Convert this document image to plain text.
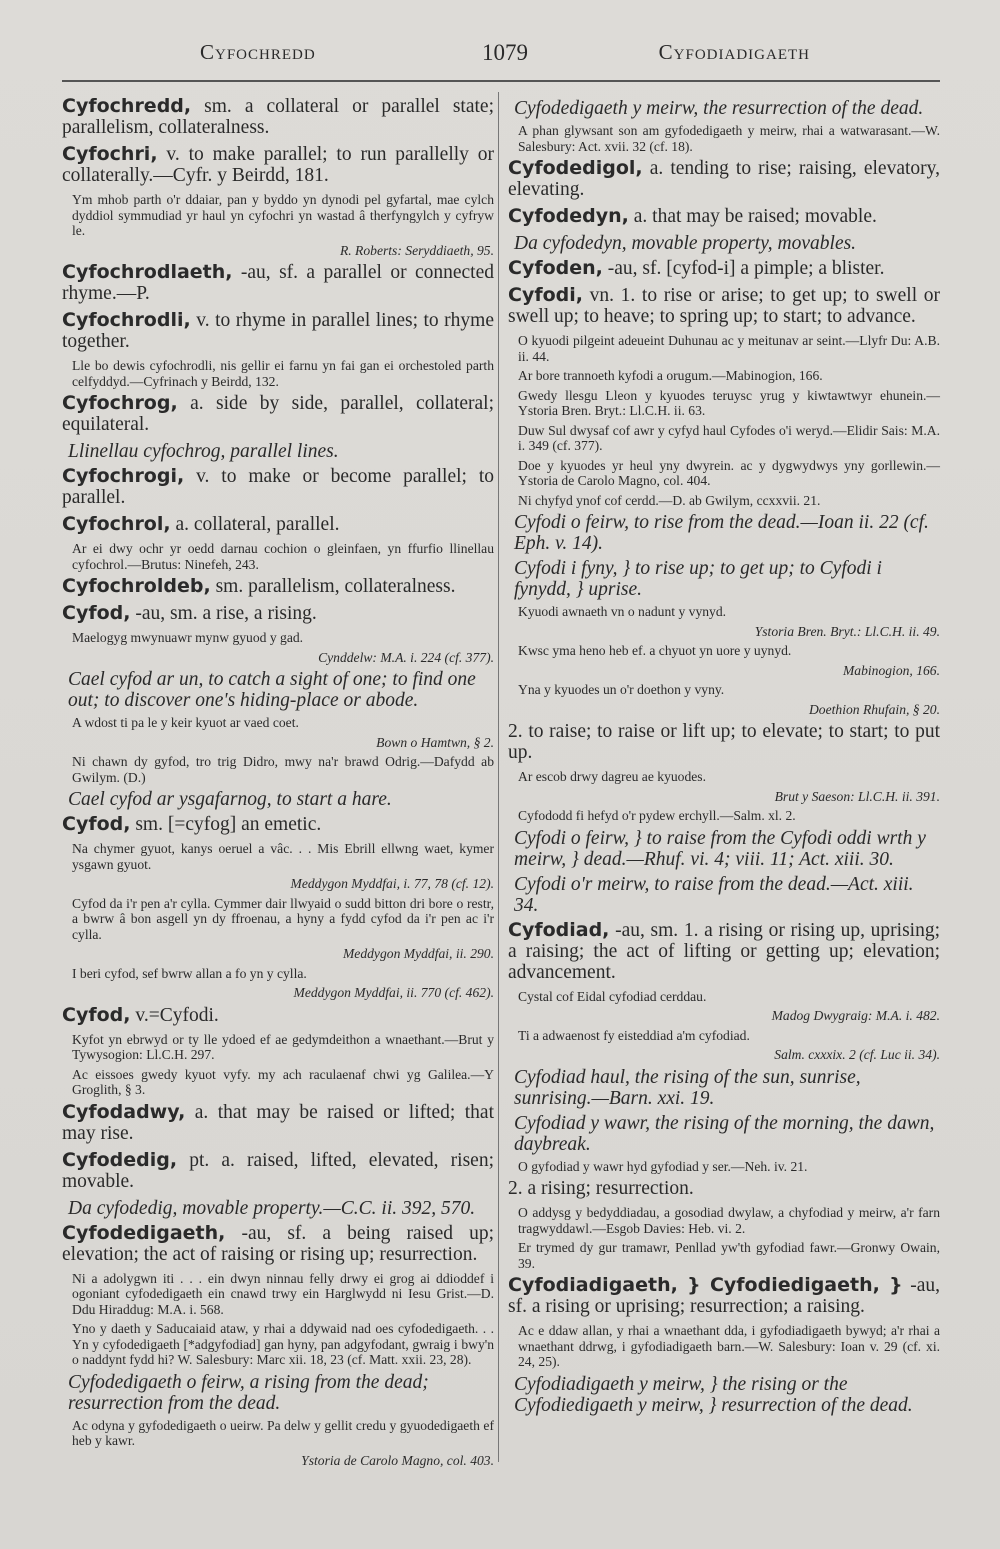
Cyfochredd	1079	Cyfodiadigaeth
Cyfochredd, sm. a collateral or parallel state; parallelism, collateralness.
Cyfochri, v. to make parallel; to run parallelly or collaterally.—Cyfr. y Beirdd, 181.
Ym mhob parth o'r ddaiar, pan y byddo yn dynodi pel gyfartal, mae cylch dyddiol symmudiad yr haul yn cyfochri yn wastad â therfyngylch y cyfryw le.
R. Roberts: Seryddiaeth, 95.
Cyfochrodlaeth, -au, sf. a parallel or connected rhyme.—P.
Cyfochrodli, v. to rhyme in parallel lines; to rhyme together.
Lle bo dewis cyfochrodli, nis gellir ei farnu yn fai gan ei orchestoled parth celfyddyd.—Cyfrinach y Beirdd, 132.
Cyfochrog, a. side by side, parallel, collateral; equilateral.
Llinellau cyfochrog, parallel lines.
Cyfochrogi, v. to make or become parallel; to parallel.
Cyfochrol, a. collateral, parallel.
Ar ei dwy ochr yr oedd darnau cochion o gleinfaen, yn ffurfio llinellau cyfochrol.—Brutus: Ninefeh, 243.
Cyfochroldeb, sm. parallelism, collateralness.
Cyfod, -au, sm. a rise, a rising.
Maelogyg mwynuawr mynw gyuod y gad.
Cynddelw: M.A. i. 224 (cf. 377).
Cael cyfod ar un, to catch a sight of one; to find one out; to discover one's hiding-place or abode.
A wdost ti pa le y keir kyuot ar vaed coet.
Bown o Hamtwn, § 2.
Ni chawn dy gyfod, tro trig Didro, mwy na'r brawd Odrig.—Dafydd ab Gwilym. (D.)
Cael cyfod ar ysgafarnog, to start a hare.
Cyfod, sm. [=cyfog] an emetic.
Na chymer gyuot, kanys oeruel a vâc. . . Mis Ebrill ellwng waet, kymer ysgawn gyuot.
Meddygon Myddfai, i. 77, 78 (cf. 12).
Cyfod da i'r pen a'r cylla. Cymmer dair llwyaid o sudd bitton dri bore o restr, a bwrw â bon asgell yn dy ffroenau, a hyny a fydd cyfod da i'r pen ac i'r cylla.
Meddygon Myddfai, ii. 290.
I beri cyfod, sef bwrw allan a fo yn y cylla.
Meddygon Myddfai, ii. 770 (cf. 462).
Cyfod, v.=Cyfodi.
Kyfot yn ebrwyd or ty lle ydoed ef ae gedymdeithon a wnaethant.—Brut y Tywysogion: Ll.C.H. 297.
Ac eissoes gwedy kyuot vyfy. my ach raculaenaf chwi yg Galilea.—Y Groglith, § 3.
Cyfodadwy, a. that may be raised or lifted; that may rise.
Cyfodedig, pt. a. raised, lifted, elevated, risen; movable.
Da cyfodedig, movable property.—C.C. ii. 392, 570.
Cyfodedigaeth, -au, sf. a being raised up; elevation; the act of raising or rising up; resurrection.
Ni a adolygwn iti . . . ein dwyn ninnau felly drwy ei grog ai ddioddef i ogoniant cyfodedigaeth ein cnawd trwy ein Harglwydd ni Iesu Grist.—D. Ddu Hiraddug: M.A. i. 568.
Yno y daeth y Saducaiaid ataw, y rhai a ddywaid nad oes cyfodedigaeth. . . Yn y cyfodedigaeth [*adgyfodiad] gan hyny, pan adgyfodant, gwraig i bwy'n o naddynt fydd hi? W. Salesbury: Marc xii. 18, 23 (cf. Matt. xxii. 23, 28).
Cyfodedigaeth o feirw, a rising from the dead; resurrection from the dead.
Ac odyna y gyfodedigaeth o ueirw. Pa delw y gellit credu y gyuodedigaeth ef heb y kawr.
Ystoria de Carolo Magno, col. 403.
Cyfodedigaeth y meirw, the resurrection of the dead.
A phan glywsant son am gyfodedigaeth y meirw, rhai a watwarasant.—W. Salesbury: Act. xvii. 32 (cf. 18).
Cyfodedigol, a. tending to rise; raising, elevatory, elevating.
Cyfodedyn, a. that may be raised; movable.
Da cyfodedyn, movable property, movables.
Cyfoden, -au, sf. [cyfod-i] a pimple; a blister.
Cyfodi, vn. 1. to rise or arise; to get up; to swell or swell up; to heave; to spring up; to start; to advance.
O kyuodi pilgeint adeueint Duhunau ac y meitunav ar seint.—Llyfr Du: A.B. ii. 44.
Ar bore trannoeth kyfodi a orugum.—Mabinogion, 166.
Gwedy llesgu Lleon y kyuodes teruysc yrug y kiwtawtwyr ehunein.—Ystoria Bren. Bryt.: Ll.C.H. ii. 63.
Duw Sul dwysaf cof awr y cyfyd haul Cyfodes o'i weryd.—Elidir Sais: M.A. i. 349 (cf. 377).
Doe y kyuodes yr heul yny dwyrein. ac y dygwydwys yny gorllewin.—Ystoria de Carolo Magno, col. 404.
Ni chyfyd ynof cof cerdd.—D. ab Gwilym, ccxxvii. 21.
Cyfodi o feirw, to rise from the dead.—Ioan ii. 22 (cf. Eph. v. 14).
Cyfodi i fyny, } to rise up; to get up; to Cyfodi i fynydd, } uprise.
Kyuodi awnaeth vn o nadunt y vynyd.
Ystoria Bren. Bryt.: Ll.C.H. ii. 49.
Kwsc yma heno heb ef. a chyuot yn uore y uynyd.
Mabinogion, 166.
Yna y kyuodes un o'r doethon y vyny.
Doethion Rhufain, § 20.
2. to raise; to raise or lift up; to elevate; to start; to put up.
Ar escob drwy dagreu ae kyuodes.
Brut y Saeson: Ll.C.H. ii. 391.
Cyfododd fi hefyd o'r pydew erchyll.—Salm. xl. 2.
Cyfodi o feirw, } to raise from the Cyfodi oddi wrth y meirw, } dead.—Rhuf. vi. 4; viii. 11; Act. xiii. 30.
Cyfodi o'r meirw, to raise from the dead.—Act. xiii. 34.
Cyfodiad, -au, sm. 1. a rising or rising up, uprising; a raising; the act of lifting or getting up; elevation; advancement.
Cystal cof Eidal cyfodiad cerddau.
Madog Dwygraig: M.A. i. 482.
Ti a adwaenost fy eisteddiad a'm cyfodiad.
Salm. cxxxix. 2 (cf. Luc ii. 34).
Cyfodiad haul, the rising of the sun, sunrise, sunrising.—Barn. xxi. 19.
Cyfodiad y wawr, the rising of the morning, the dawn, daybreak.
O gyfodiad y wawr hyd gyfodiad y ser.—Neh. iv. 21.
2. a rising; resurrection.
O addysg y bedyddiadau, a gosodiad dwylaw, a chyfodiad y meirw, a'r farn tragwyddawl.—Esgob Davies: Heb. vi. 2.
Er trymed dy gur tramawr, Penllad yw'th gyfodiad fawr.—Gronwy Owain, 39.
Cyfodiadigaeth, } Cyfodiedigaeth, } -au, sf. a rising or uprising; resurrection; a raising.
Ac e ddaw allan, y rhai a wnaethant dda, i gyfodiadigaeth bywyd; a'r rhai a wnaethant ddrwg, i gyfodiadigaeth barn.—W. Salesbury: Ioan v. 29 (cf. xi. 24, 25).
Cyfodiadigaeth y meirw, } the rising or the Cyfodiedigaeth y meirw, } resurrection of the dead.
